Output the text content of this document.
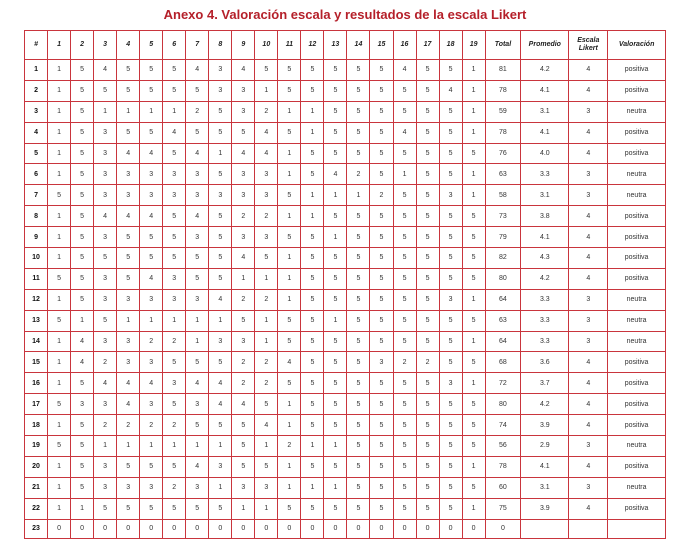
Anexo 4. Valoración escala y resultados de la escala Likert
#	1	2	3	4	5	6	7	8	9	10	11	12	13	14	15	16	17	18	19	Total	Promedio	Escala Likert	Valoración
1	1	5	4	5	5	5	4	3	4	5	5	5	5	5	5	4	5	5	1	81	4.2	4	positiva
2	1	5	5	5	5	5	5	3	3	1	5	5	5	5	5	5	5	4	1	78	4.1	4	positiva
3	1	5	1	1	1	1	2	5	3	2	1	1	5	5	5	5	5	5	1	59	3.1	3	neutra
4	1	5	3	5	5	4	5	5	5	4	5	1	5	5	5	4	5	5	1	78	4.1	4	positiva
5	1	5	3	4	4	5	4	1	4	4	1	5	5	5	5	5	5	5	5	76	4.0	4	positiva
6	1	5	3	3	3	3	3	5	3	3	1	5	4	2	5	1	5	5	1	63	3.3	3	neutra
7	5	5	3	3	3	3	3	3	3	3	5	1	1	1	2	5	5	3	1	58	3.1	3	neutra
8	1	5	4	4	4	5	4	5	2	2	1	1	5	5	5	5	5	5	5	73	3.8	4	positiva
9	1	5	3	5	5	5	3	5	3	3	5	5	1	5	5	5	5	5	5	79	4.1	4	positiva
10	1	5	5	5	5	5	5	5	4	5	1	5	5	5	5	5	5	5	5	82	4.3	4	positiva
11	5	5	3	5	4	3	5	5	1	1	1	5	5	5	5	5	5	5	5	80	4.2	4	positiva
12	1	5	3	3	3	3	3	4	2	2	1	5	5	5	5	5	5	3	1	64	3.3	3	neutra
13	5	1	5	1	1	1	1	1	5	1	5	5	1	5	5	5	5	5	5	63	3.3	3	neutra
14	1	4	3	3	2	2	1	3	3	1	5	5	5	5	5	5	5	5	1	64	3.3	3	neutra
15	1	4	2	3	3	5	5	5	2	2	4	5	5	5	3	2	2	5	5	68	3.6	4	positiva
16	1	5	4	4	4	3	4	4	2	2	5	5	5	5	5	5	5	3	1	72	3.7	4	positiva
17	5	3	3	4	3	5	3	4	4	5	1	5	5	5	5	5	5	5	5	80	4.2	4	positiva
18	1	5	2	2	2	2	5	5	5	4	1	5	5	5	5	5	5	5	5	74	3.9	4	positiva
19	5	5	1	1	1	1	1	1	5	1	2	1	1	5	5	5	5	5	5	56	2.9	3	neutra
20	1	5	3	5	5	5	4	3	5	5	1	5	5	5	5	5	5	5	1	78	4.1	4	positiva
21	1	5	3	3	3	2	3	1	3	3	1	1	1	5	5	5	5	5	5	60	3.1	3	neutra
22	1	1	5	5	5	5	5	5	1	1	5	5	5	5	5	5	5	5	1	75	3.9	4	positiva
23	0	0	0	0	0	0	0	0	0	0	0	0	0	0	0	0	0	0	0	0			
